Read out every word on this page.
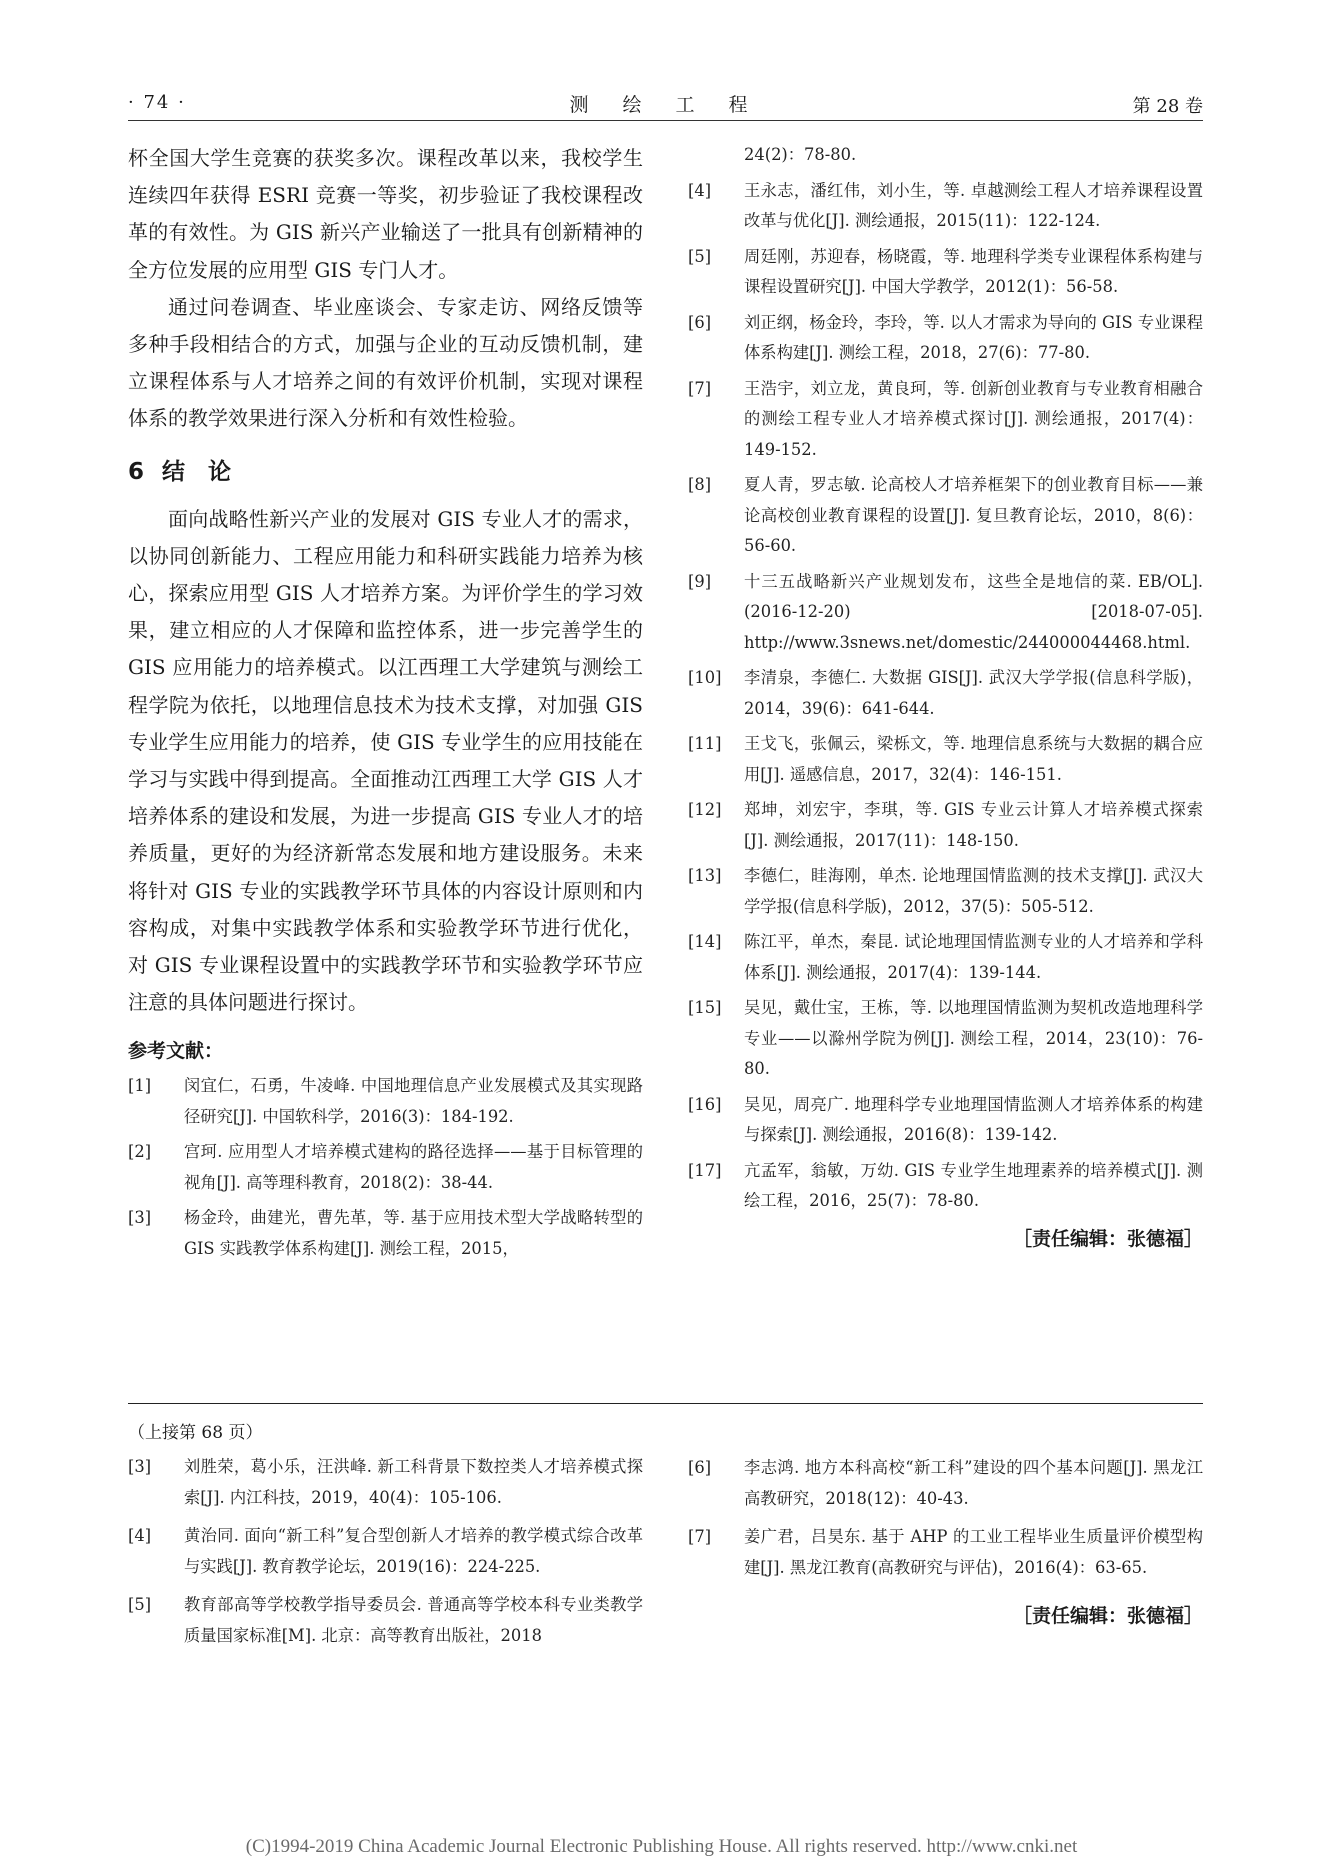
· 74 ·	测 绘 工 程	第 28 卷

杯全国大学生竞赛的获奖多次。课程改革以来，我校学生连续四年获得 ESRI 竞赛一等奖，初步验证了我校课程改革的有效性。为 GIS 新兴产业输送了一批具有创新精神的全方位发展的应用型 GIS 专门人才。

通过问卷调查、毕业座谈会、专家走访、网络反馈等多种手段相结合的方式，加强与企业的互动反馈机制，建立课程体系与人才培养之间的有效评价机制，实现对课程体系的教学效果进行深入分析和有效性检验。

6 结　论

面向战略性新兴产业的发展对 GIS 专业人才的需求，以协同创新能力、工程应用能力和科研实践能力培养为核心，探索应用型 GIS 人才培养方案。为评价学生的学习效果，建立相应的人才保障和监控体系，进一步完善学生的 GIS 应用能力的培养模式。以江西理工大学建筑与测绘工程学院为依托，以地理信息技术为技术支撑，对加强 GIS 专业学生应用能力的培养，使 GIS 专业学生的应用技能在学习与实践中得到提高。全面推动江西理工大学 GIS 人才培养体系的建设和发展，为进一步提高 GIS 专业人才的培养质量，更好的为经济新常态发展和地方建设服务。未来将针对 GIS 专业的实践教学环节具体的内容设计原则和内容构成，对集中实践教学体系和实验教学环节进行优化，对 GIS 专业课程设置中的实践教学环节和实验教学环节应注意的具体问题进行探讨。

参考文献：
[1]	闵宜仁，石勇，牛凌峰. 中国地理信息产业发展模式及其实现路径研究[J]. 中国软科学，2016(3)：184-192.
[2]	宫珂. 应用型人才培养模式建构的路径选择——基于目标管理的视角[J]. 高等理科教育，2018(2)：38-44.
[3]	杨金玲，曲建光，曹先革，等. 基于应用技术型大学战略转型的 GIS 实践教学体系构建[J]. 测绘工程，2015，
24(2)：78-80.
[4]	王永志，潘红伟，刘小生，等. 卓越测绘工程人才培养课程设置改革与优化[J]. 测绘通报，2015(11)：122-124.
[5]	周廷刚，苏迎春，杨晓霞，等. 地理科学类专业课程体系构建与课程设置研究[J]. 中国大学教学，2012(1)：56-58.
[6]	刘正纲，杨金玲，李玲，等. 以人才需求为导向的 GIS 专业课程体系构建[J]. 测绘工程，2018，27(6)：77-80.
[7]	王浩宇，刘立龙，黄良珂，等. 创新创业教育与专业教育相融合的测绘工程专业人才培养模式探讨[J]. 测绘通报，2017(4)：149-152.
[8]	夏人青，罗志敏. 论高校人才培养框架下的创业教育目标——兼论高校创业教育课程的设置[J]. 复旦教育论坛，2010，8(6)：56-60.
[9]	十三五战略新兴产业规划发布，这些全是地信的菜. EB/OL]. (2016-12-20) [2018-07-05]. http://www.3snews.net/domestic/244000044468.html.
[10]	李清泉，李德仁. 大数据 GIS[J]. 武汉大学学报(信息科学版)，2014，39(6)：641-644.
[11]	王戈飞，张佩云，梁栎文，等. 地理信息系统与大数据的耦合应用[J]. 遥感信息，2017，32(4)：146-151.
[12]	郑坤，刘宏宇，李琪，等. GIS 专业云计算人才培养模式探索[J]. 测绘通报，2017(11)：148-150.
[13]	李德仁，眭海刚，单杰. 论地理国情监测的技术支撑[J]. 武汉大学学报(信息科学版)，2012，37(5)：505-512.
[14]	陈江平，单杰，秦昆. 试论地理国情监测专业的人才培养和学科体系[J]. 测绘通报，2017(4)：139-144.
[15]	吴见，戴仕宝，王栋，等. 以地理国情监测为契机改造地理科学专业——以滁州学院为例[J]. 测绘工程，2014，23(10)：76-80.
[16]	吴见，周亮广. 地理科学专业地理国情监测人才培养体系的构建与探索[J]. 测绘通报，2016(8)：139-142.
[17]	亢孟军，翁敏，万幼. GIS 专业学生地理素养的培养模式[J]. 测绘工程，2016，25(7)：78-80.
［责任编辑：张德福］
（上接第 68 页）
[3]	刘胜荣，葛小乐，汪洪峰. 新工科背景下数控类人才培养模式探索[J]. 内江科技，2019，40(4)：105-106.
[4]	黄治同. 面向“新工科”复合型创新人才培养的教学模式综合改革与实践[J]. 教育教学论坛，2019(16)：224-225.
[5]	教育部高等学校教学指导委员会. 普通高等学校本科专业类教学质量国家标准[M]. 北京：高等教育出版社，2018
[6]	李志鸿. 地方本科高校“新工科”建设的四个基本问题[J]. 黑龙江高教研究，2018(12)：40-43.
[7]	姜广君，吕昊东. 基于 AHP 的工业工程毕业生质量评价模型构建[J]. 黑龙江教育(高教研究与评估)，2016(4)：63-65.
［责任编辑：张德福］
(C)1994-2019 China Academic Journal Electronic Publishing House. All rights reserved. http://www.cnki.net
